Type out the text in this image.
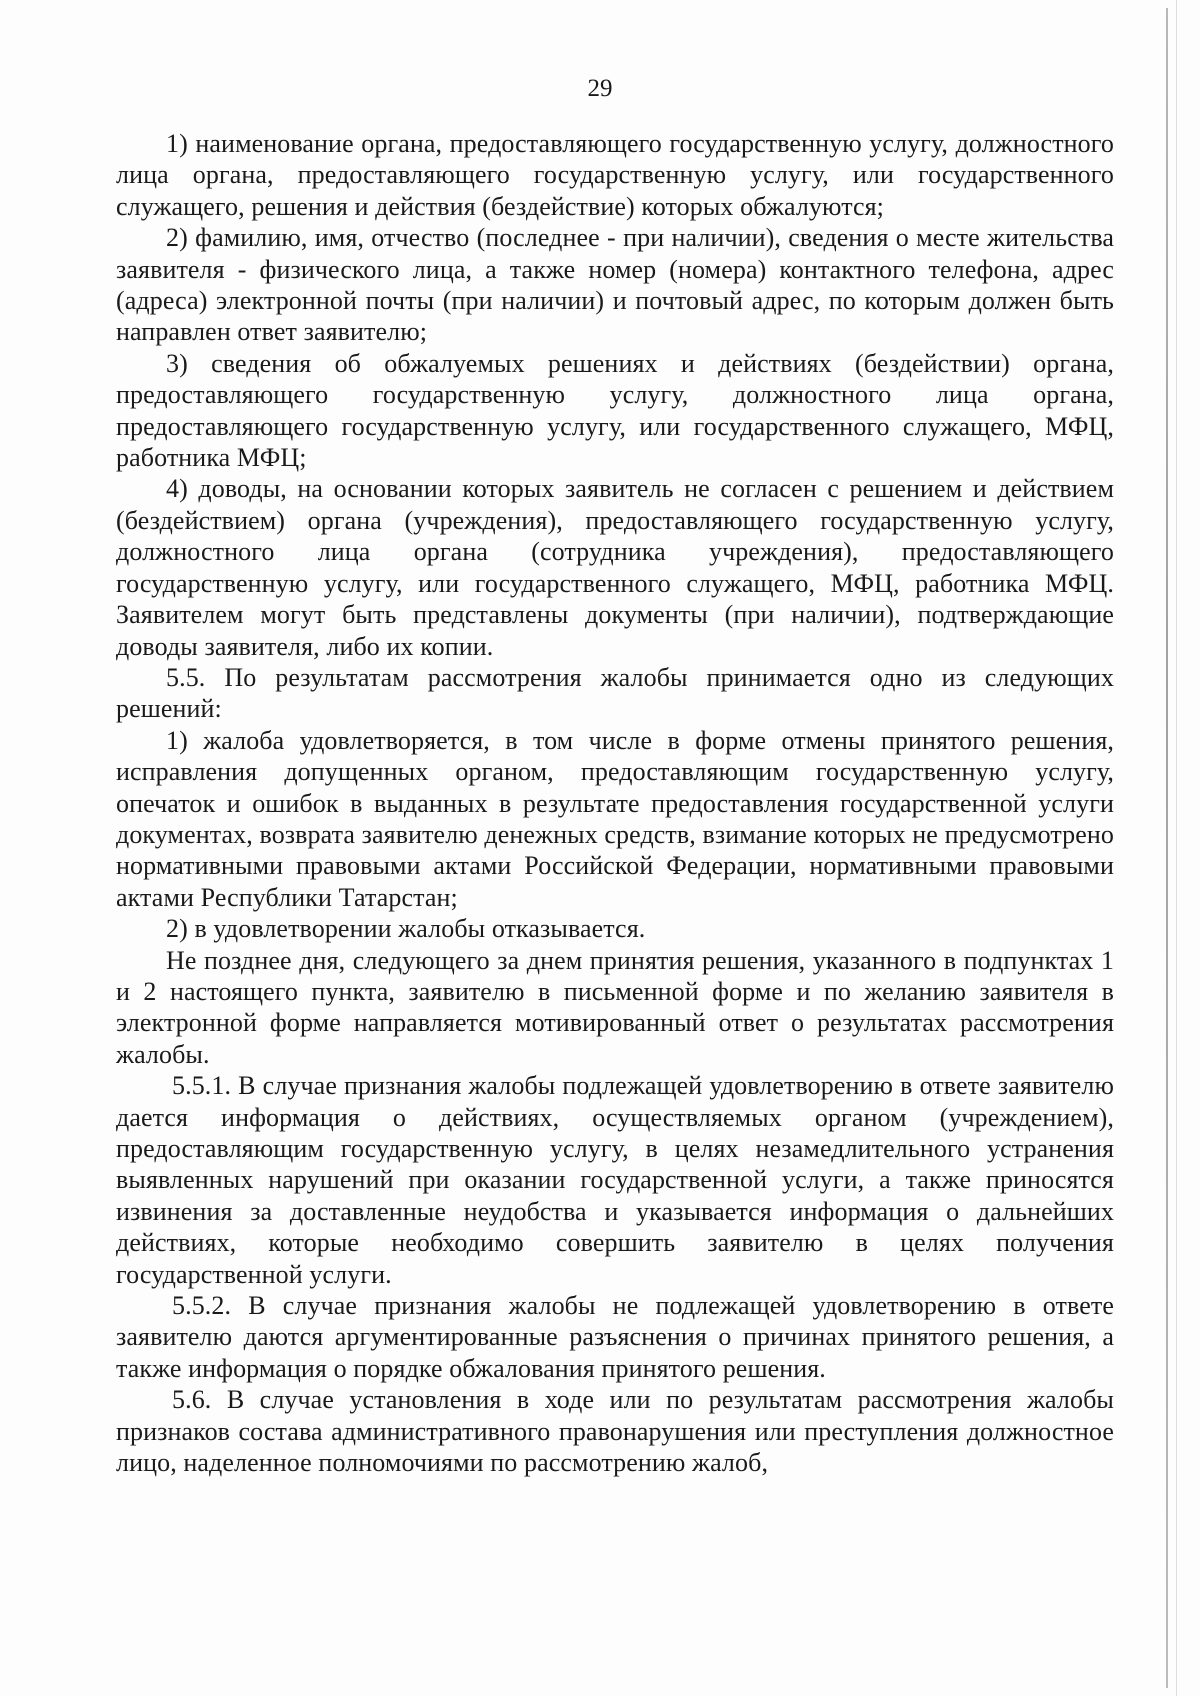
29

1) наименование органа, предоставляющего государственную услугу, должностного лица органа, предоставляющего государственную услугу, или государственного служащего, решения и действия (бездействие) которых обжалуются;

2) фамилию, имя, отчество (последнее - при наличии), сведения о месте жительства заявителя - физического лица, а также номер (номера) контактного телефона, адрес (адреса) электронной почты (при наличии) и почтовый адрес, по которым должен быть направлен ответ заявителю;

3) сведения об обжалуемых решениях и действиях (бездействии) органа, предоставляющего государственную услугу, должностного лица органа, предоставляющего государственную услугу, или государственного служащего, МФЦ, работника МФЦ;

4) доводы, на основании которых заявитель не согласен с решением и действием (бездействием) органа (учреждения), предоставляющего государственную услугу, должностного лица органа (сотрудника учреждения), предоставляющего государственную услугу, или государственного служащего, МФЦ, работника МФЦ. Заявителем могут быть представлены документы (при наличии), подтверждающие доводы заявителя, либо их копии.

5.5. По результатам рассмотрения жалобы принимается одно из следующих решений:

1) жалоба удовлетворяется, в том числе в форме отмены принятого решения, исправления допущенных органом, предоставляющим государственную услугу, опечаток и ошибок в выданных в результате предоставления государственной услуги документах, возврата заявителю денежных средств, взимание которых не предусмотрено нормативными правовыми актами Российской Федерации, нормативными правовыми актами Республики Татарстан;

2) в удовлетворении жалобы отказывается.

Не позднее дня, следующего за днем принятия решения, указанного в подпунктах 1 и 2 настоящего пункта, заявителю в письменной форме и по желанию заявителя в электронной форме направляется мотивированный ответ о результатах рассмотрения жалобы.

5.5.1. В случае признания жалобы подлежащей удовлетворению в ответе заявителю дается информация о действиях, осуществляемых органом (учреждением), предоставляющим государственную услугу, в целях незамедлительного устранения выявленных нарушений при оказании государственной услуги, а также приносятся извинения за доставленные неудобства и указывается информация о дальнейших действиях, которые необходимо совершить заявителю в целях получения государственной услуги.

5.5.2. В случае признания жалобы не подлежащей удовлетворению в ответе заявителю даются аргументированные разъяснения о причинах принятого решения, а также информация о порядке обжалования принятого решения.

5.6. В случае установления в ходе или по результатам рассмотрения жалобы признаков состава административного правонарушения или преступления должностное лицо, наделенное полномочиями по рассмотрению жалоб,
